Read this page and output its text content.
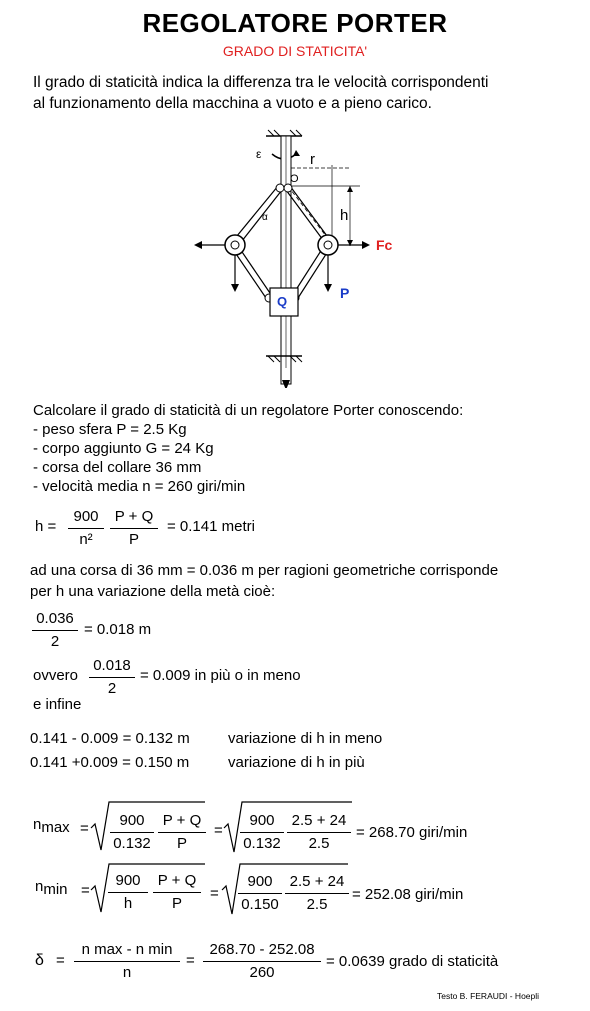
REGOLATORE PORTER
GRADO DI STATICITA'
Il grado di staticità indica la differenza tra le velocità corrispondenti
al funzionamento della macchina a vuoto e a pieno carico.
ε	r
O
h
α
Fc
P
Q
Calcolare il grado di staticità di un regolatore Porter conoscendo:
- peso sfera P = 2.5 Kg
- corpo aggiunto G = 24 Kg
- corsa del collare 36 mm
- velocità media n = 260 giri/min
h =
900
n²
P + Q
P
= 0.141 metri
ad una corsa di 36 mm = 0.036 m per ragioni geometriche corrisponde
per h una variazione della metà cioè:
0.036
2
= 0.018 m
ovvero
0.018
2
= 0.009 in più o in meno
e infine
0.141 - 0.009 = 0.132 m	variazione di h in meno
0.141 +0.009 = 0.150 m	variazione di h in più
nmax =	900
0.132
P + Q
P
=
900
0.132
2.5 + 24
2.5
= 268.70 giri/min
nmin =
900
h
P + Q
P
=
900
0.150
2.5 + 24
2.5
= 252.08 giri/min
δ =
n max - n min
n
=
268.70 - 252.08
260
= 0.0639 grado di staticità
Testo B. FERAUDI - Hoepli
